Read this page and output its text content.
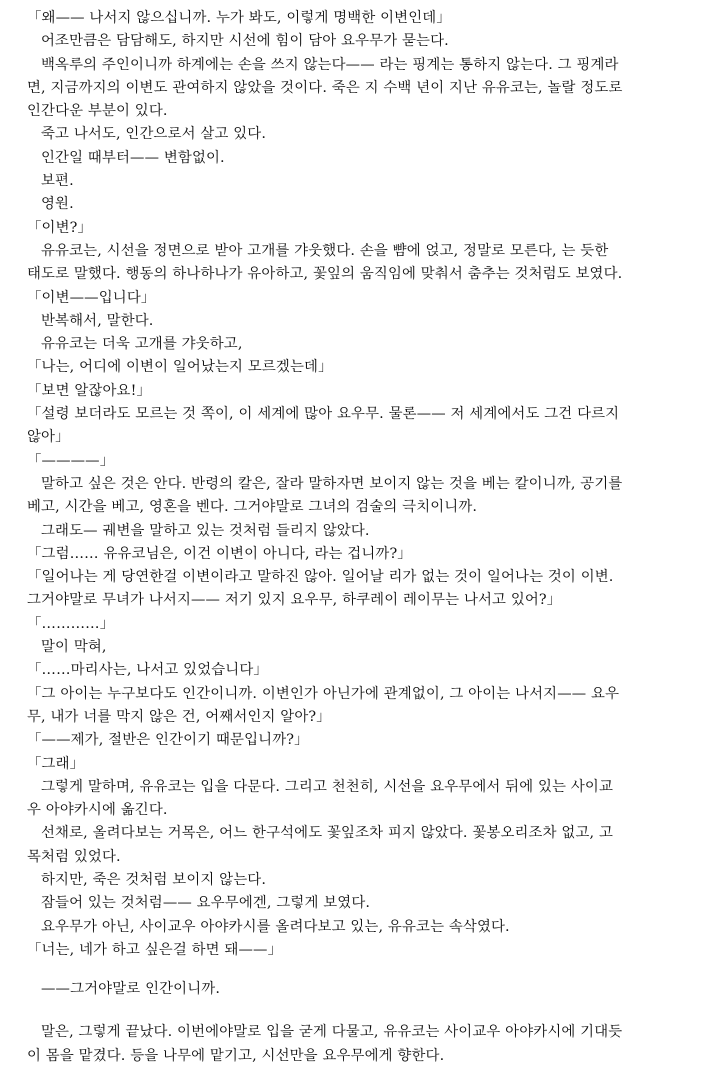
「왜—— 나서지 않으십니까. 누가 봐도, 이렇게 명백한 이변인데」
어조만큼은 담담해도, 하지만 시선에 힘이 담아 요우무가 묻는다.
백옥루의 주인이니까 하계에는 손을 쓰지 않는다—— 라는 핑계는 통하지 않는다. 그 핑계라
면, 지금까지의 이변도 관여하지 않았을 것이다. 죽은 지 수백 년이 지난 유유코는, 놀랄 정도로
인간다운 부분이 있다.
죽고 나서도, 인간으로서 살고 있다.
인간일 때부터—— 변함없이.
보편.
영원.
「이변?」
유유코는, 시선을 정면으로 받아 고개를 갸웃했다. 손을 뺨에 얹고, 정말로 모른다, 는 듯한
태도로 말했다. 행동의 하나하나가 유아하고, 꽃잎의 움직임에 맞춰서 춤추는 것처럼도 보였다.
「이변——입니다」
반복해서, 말한다.
유유코는 더욱 고개를 갸웃하고,
「나는, 어디에 이변이 일어났는지 모르겠는데」
「보면 알잖아요!」
「설령 보더라도 모르는 것 쪽이, 이 세계에 많아 요우무. 물론—— 저 세계에서도 그건 다르지
않아」
「————」
말하고 싶은 것은 안다. 반령의 칼은, 잘라 말하자면 보이지 않는 것을 베는 칼이니까, 공기를
베고, 시간을 베고, 영혼을 벤다. 그거야말로 그녀의 검술의 극치이니까.
그래도— 궤변을 말하고 있는 것처럼 들리지 않았다.
「그럼…… 유유코님은, 이건 이변이 아니다, 라는 겁니까?」
「일어나는 게 당연한걸 이변이라고 말하진 않아. 일어날 리가 없는 것이 일어나는 것이 이변.
그거야말로 무녀가 나서지—— 저기 있지 요우무, 하쿠레이 레이무는 나서고 있어?」
「…………」
말이 막혀,
「……마리사는, 나서고 있었습니다」
「그 아이는 누구보다도 인간이니까. 이변인가 아닌가에 관계없이, 그 아이는 나서지—— 요우
무, 내가 너를 막지 않은 건, 어째서인지 알아?」
「——제가, 절반은 인간이기 때문입니까?」
「그래」
그렇게 말하며, 유유코는 입을 다문다. 그리고 천천히, 시선을 요우무에서 뒤에 있는 사이교
우 아야카시에 옮긴다.
선채로, 올려다보는 거목은, 어느 한구석에도 꽃잎조차 피지 않았다. 꽃봉오리조차 없고, 고
목처럼 있었다.
하지만, 죽은 것처럼 보이지 않는다.
잠들어 있는 것처럼—— 요우무에겐, 그렇게 보였다.
요우무가 아닌, 사이교우 아야카시를 올려다보고 있는, 유유코는 속삭였다.
「너는, 네가 하고 싶은걸 하면 돼——」
——그거야말로 인간이니까.
말은, 그렇게 끝났다. 이번에야말로 입을 굳게 다물고, 유유코는 사이교우 아야카시에 기대듯
이 몸을 맡겼다. 등을 나무에 맡기고, 시선만을 요우무에게 향한다.
